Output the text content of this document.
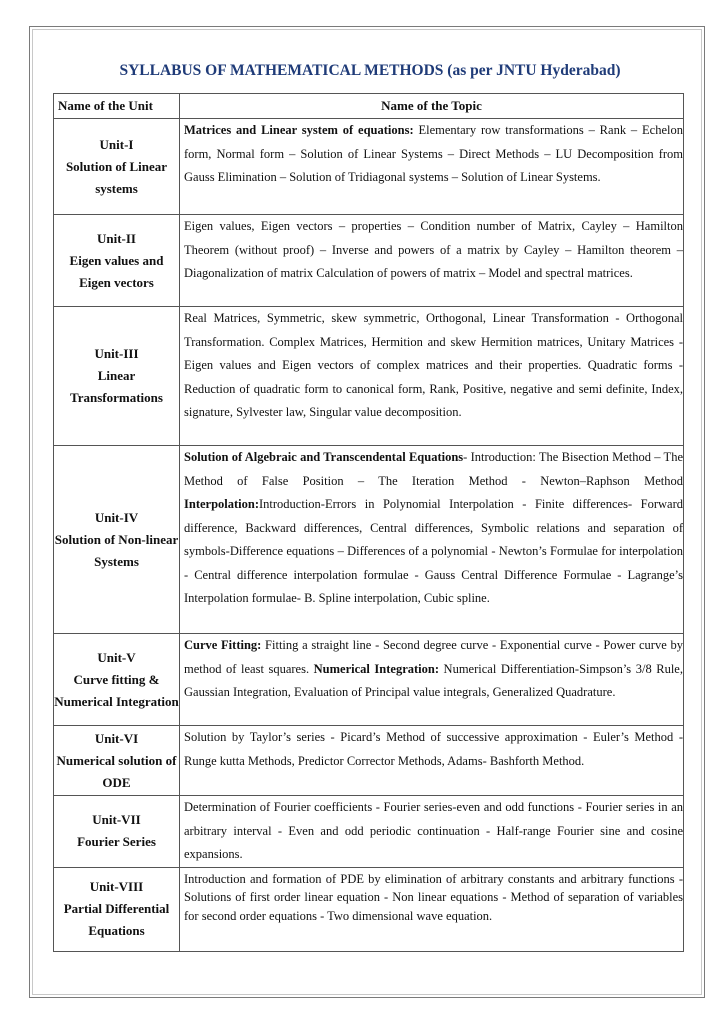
SYLLABUS OF MATHEMATICAL METHODS (as per JNTU Hyderabad)
Name of the Unit	Name of the Topic

Unit-I
Solution of Linear systems	Matrices and Linear system of equations: Elementary row transformations – Rank – Echelon form, Normal form – Solution of Linear Systems – Direct Methods – LU Decomposition from Gauss Elimination – Solution of Tridiagonal systems – Solution of Linear Systems.

Unit-II
Eigen values and Eigen vectors	Eigen values, Eigen vectors – properties – Condition number of Matrix, Cayley – Hamilton Theorem (without proof) – Inverse and powers of a matrix by Cayley – Hamilton theorem – Diagonalization of matrix Calculation of powers of matrix – Model and spectral matrices.

Unit-III
Linear Transformations	Real Matrices, Symmetric, skew symmetric, Orthogonal, Linear Transformation - Orthogonal Transformation. Complex Matrices, Hermition and skew Hermition matrices, Unitary Matrices - Eigen values and Eigen vectors of complex matrices and their properties. Quadratic forms - Reduction of quadratic form to canonical form, Rank, Positive, negative and semi definite, Index, signature, Sylvester law, Singular value decomposition.

Unit-IV
Solution of Non-linear Systems	Solution of Algebraic and Transcendental Equations- Introduction: The Bisection Method – The Method of False Position – The Iteration Method - Newton–Raphson Method Interpolation:Introduction-Errors in Polynomial Interpolation - Finite differences- Forward difference, Backward differences, Central differences, Symbolic relations and separation of symbols-Difference equations – Differences of a polynomial - Newton’s Formulae for interpolation - Central difference interpolation formulae - Gauss Central Difference Formulae - Lagrange’s Interpolation formulae- B. Spline interpolation, Cubic spline.

Unit-V
Curve fitting & Numerical Integration	Curve Fitting: Fitting a straight line - Second degree curve - Exponential curve - Power curve by method of least squares. Numerical Integration: Numerical Differentiation-Simpson’s 3/8 Rule, Gaussian Integration, Evaluation of Principal value integrals, Generalized Quadrature.

Unit-VI
Numerical solution of ODE	Solution by Taylor’s series - Picard’s Method of successive approximation - Euler’s Method -Runge kutta Methods, Predictor Corrector Methods, Adams- Bashforth Method.

Unit-VII
Fourier Series	Determination of Fourier coefficients - Fourier series-even and odd functions - Fourier series in an arbitrary interval - Even and odd periodic continuation - Half-range Fourier sine and cosine expansions.

Unit-VIII
Partial Differential Equations	Introduction and formation of PDE by elimination of arbitrary constants and arbitrary functions - Solutions of first order linear equation - Non linear equations - Method of separation of variables for second order equations - Two dimensional wave equation.
